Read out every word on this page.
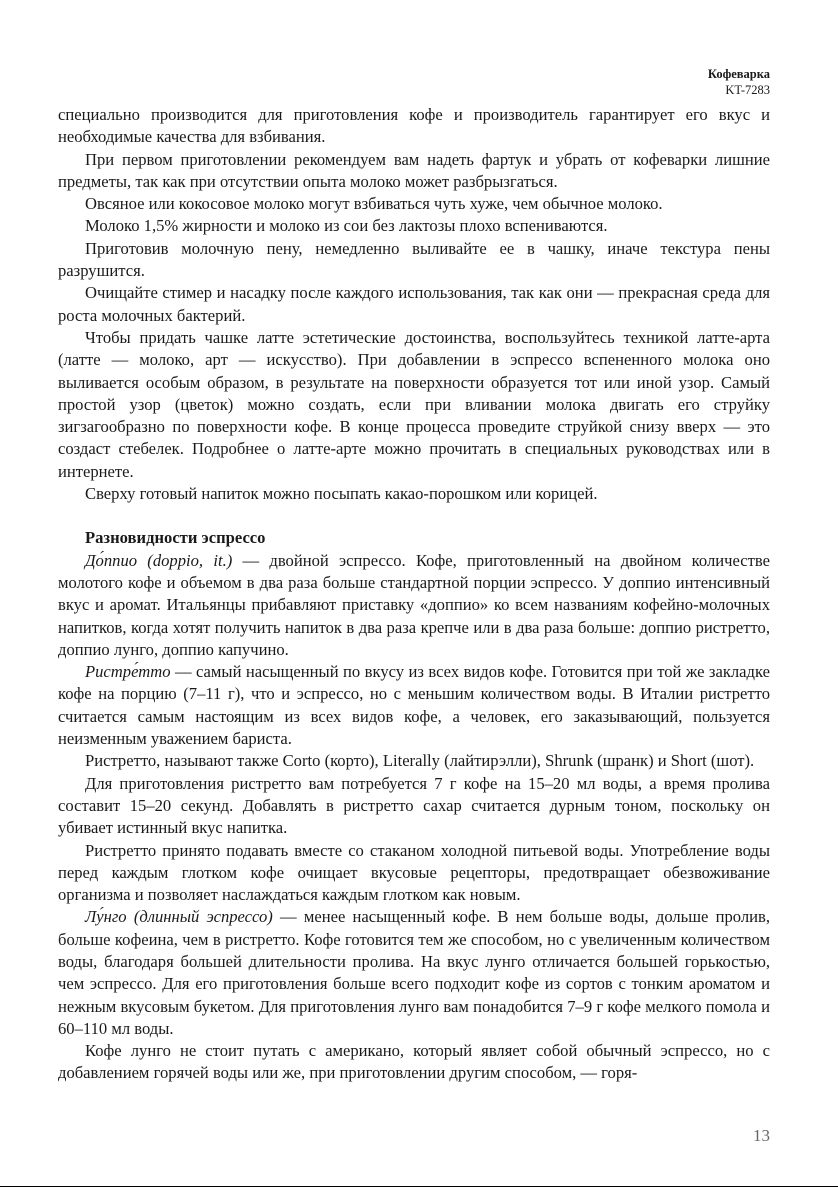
Кофеварка
KT-7283

специально производится для приготовления кофе и производитель гарантирует его вкус и необходимые качества для взбивания.

При первом приготовлении рекомендуем вам надеть фартук и убрать от кофеварки лишние предметы, так как при отсутствии опыта молоко может разбрызгаться.

Овсяное или кокосовое молоко могут взбиваться чуть хуже, чем обычное молоко.

Молоко 1,5% жирности и молоко из сои без лактозы плохо вспениваются.

Приготовив молочную пену, немедленно выливайте ее в чашку, иначе текстура пены разрушится.

Очищайте стимер и насадку после каждого использования, так как они — прекрасная среда для роста молочных бактерий.

Чтобы придать чашке латте эстетические достоинства, воспользуйтесь техникой латте-арта (латте — молоко, арт — искусство). При добавлении в эспрессо вспененного молока оно выливается особым образом, в результате на поверхности образуется тот или иной узор. Самый простой узор (цветок) можно создать, если при вливании молока двигать его струйку зигзагообразно по поверхности кофе. В конце процесса проведите струйкой снизу вверх — это создаст стебелек. Подробнее о латте-арте можно прочитать в специальных руководствах или в интернете.

Сверху готовый напиток можно посыпать какао-порошком или корицей.

Разновидности эспрессо

До́ппио (doppio, it.) — двойной эспрессо. Кофе, приготовленный на двойном количестве молотого кофе и объемом в два раза больше стандартной порции эспрессо. У доппио интенсивный вкус и аромат. Итальянцы прибавляют приставку «доппио» ко всем названиям кофейно-молочных напитков, когда хотят получить напиток в два раза крепче или в два раза больше: доппио ристретто, доппио лунго, доппио капучино.

Ристре́тто — самый насыщенный по вкусу из всех видов кофе. Готовится при той же закладке кофе на порцию (7–11 г), что и эспрессо, но с меньшим количеством воды. В Италии ристретто считается самым настоящим из всех видов кофе, а человек, его заказывающий, пользуется неизменным уважением бариста.

Ристретто, называют также Corto (корто), Literally (лайтирэлли), Shrunk (шранк) и Short (шот).

Для приготовления ристретто вам потребуется 7 г кофе на 15–20 мл воды, а время пролива составит 15–20 секунд. Добавлять в ристретто сахар считается дурным тоном, поскольку он убивает истинный вкус напитка.

Ристретто принято подавать вместе со стаканом холодной питьевой воды. Употребление воды перед каждым глотком кофе очищает вкусовые рецепторы, предотвращает обезвоживание организма и позволяет наслаждаться каждым глотком как новым.

Лу́нго (длинный эспрессо) — менее насыщенный кофе. В нем больше воды, дольше пролив, больше кофеина, чем в ристретто. Кофе готовится тем же способом, но с увеличенным количеством воды, благодаря большей длительности пролива. На вкус лунго отличается большей горькостью, чем эспрессо. Для его приготовления больше всего подходит кофе из сортов с тонким ароматом и нежным вкусовым букетом. Для приготовления лунго вам понадобится 7–9 г кофе мелкого помола и 60–110 мл воды.

Кофе лунго не стоит путать с американо, который являет собой обычный эспрессо, но с добавлением горячей воды или же, при приготовлении другим способом, — горя-

13
